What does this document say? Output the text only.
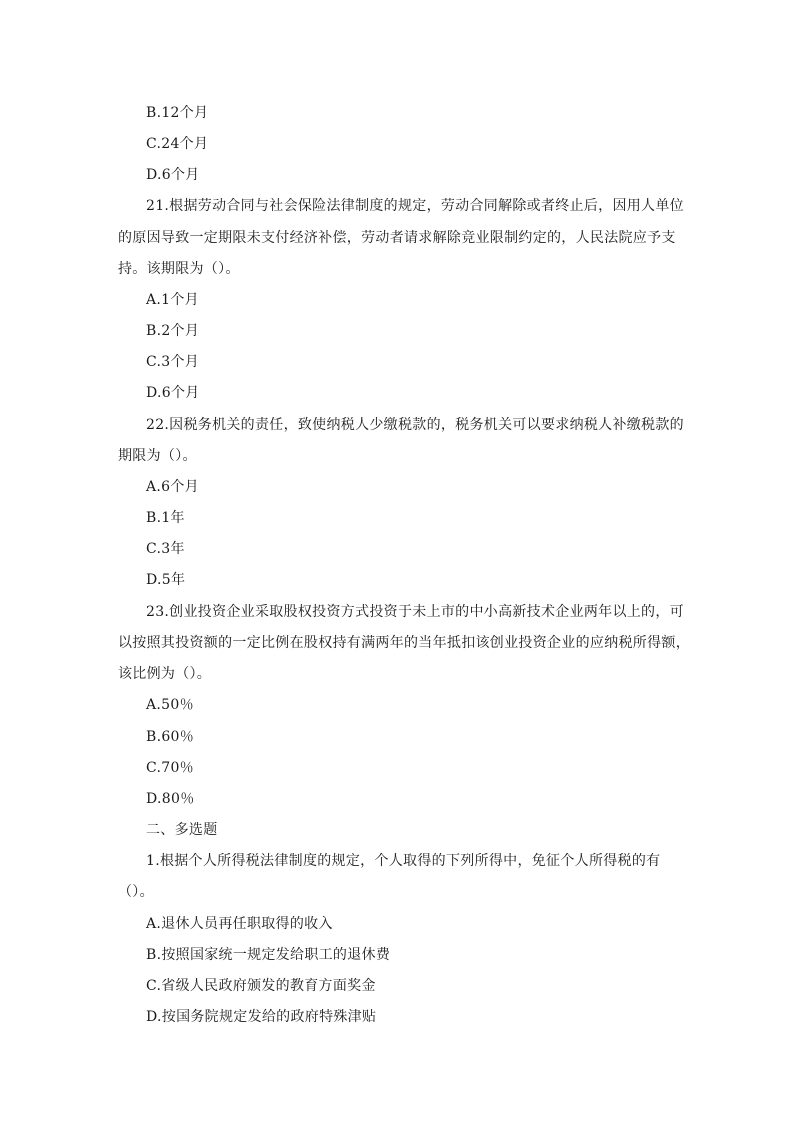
B.12个月
C.24个月
D.6个月
21.根据劳动合同与社会保险法律制度的规定，劳动合同解除或者终止后，因用人单位
的原因导致一定期限未支付经济补偿，劳动者请求解除竞业限制约定的，人民法院应予支
持。该期限为（）。
A.1个月
B.2个月
C.3个月
D.6个月
22.因税务机关的责任，致使纳税人少缴税款的，税务机关可以要求纳税人补缴税款的
期限为（）。
A.6个月
B.1年
C.3年
D.5年
23.创业投资企业采取股权投资方式投资于未上市的中小高新技术企业两年以上的，可
以按照其投资额的一定比例在股权持有满两年的当年抵扣该创业投资企业的应纳税所得额，
该比例为（）。
A.50％
B.60％
C.70％
D.80％
二、多选题
1.根据个人所得税法律制度的规定，个人取得的下列所得中，免征个人所得税的有
（）。
A.退休人员再任职取得的收入
B.按照国家统一规定发给职工的退休费
C.省级人民政府颁发的教育方面奖金
D.按国务院规定发给的政府特殊津贴
